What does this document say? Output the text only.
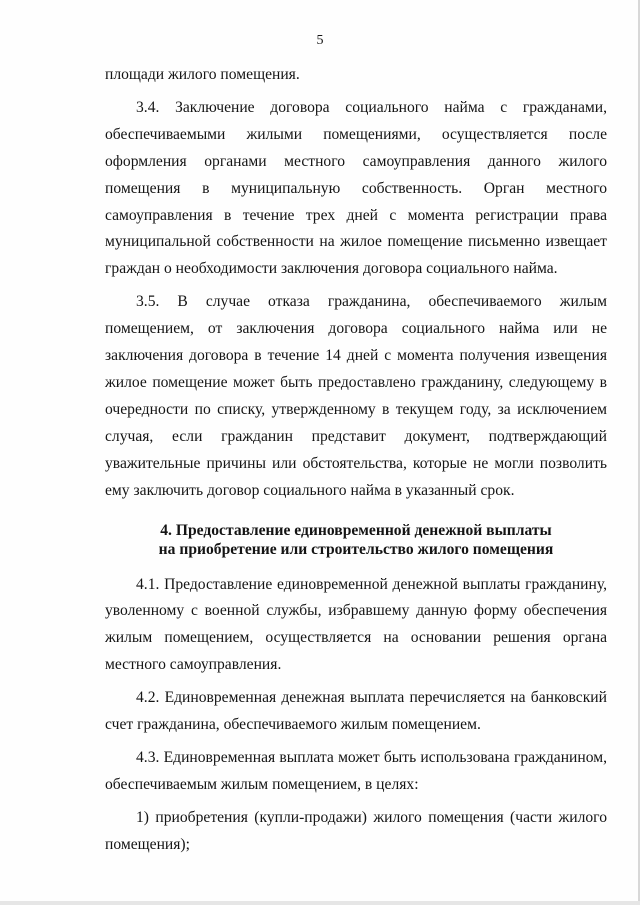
5

площади жилого помещения.

3.4. Заключение договора социального найма с гражданами, обеспечиваемыми жилыми помещениями, осуществляется после оформления органами местного самоуправления данного жилого помещения в муниципальную собственность. Орган местного самоуправления в течение трех дней с момента регистрации права муниципальной собственности на жилое помещение письменно извещает граждан о необходимости заключения договора социального найма.

3.5. В случае отказа гражданина, обеспечиваемого жилым помещением, от заключения договора социального найма или не заключения договора в течение 14 дней с момента получения извещения жилое помещение может быть предоставлено гражданину, следующему в очередности по списку, утвержденному в текущем году, за исключением случая, если гражданин представит документ, подтверждающий уважительные причины или обстоятельства, которые не могли позволить ему заключить договор социального найма в указанный срок.

4. Предоставление единовременной денежной выплаты
на приобретение или строительство жилого помещения

4.1. Предоставление единовременной денежной выплаты гражданину, уволенному с военной службы, избравшему данную форму обеспечения жилым помещением, осуществляется на основании решения органа местного самоуправления.

4.2. Единовременная денежная выплата перечисляется на банковский счет гражданина, обеспечиваемого жилым помещением.

4.3. Единовременная выплата может быть использована гражданином, обеспечиваемым жилым помещением, в целях:

1) приобретения (купли-продажи) жилого помещения (части жилого помещения);
